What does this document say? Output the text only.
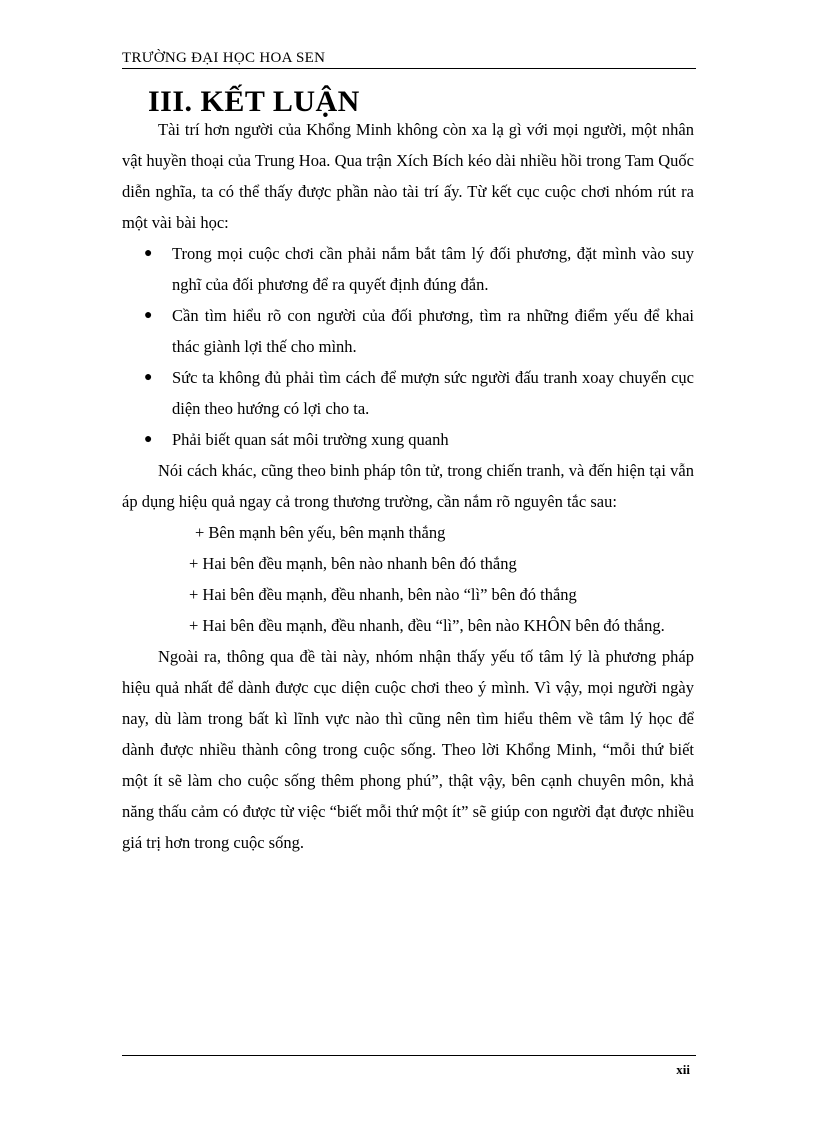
TRƯỜNG ĐẠI HỌC HOA SEN
III. KẾT LUẬN

Tài trí hơn người của Khổng Minh không còn xa lạ gì với mọi người, một nhân vật huyền thoại của Trung Hoa. Qua trận Xích Bích kéo dài nhiều hồi trong Tam Quốc diễn nghĩa, ta có thể thấy được phần nào tài trí ấy. Từ kết cục cuộc chơi nhóm rút ra một vài bài học:

● Trong mọi cuộc chơi cần phải nắm bắt tâm lý đối phương, đặt mình vào suy nghĩ của đối phương để ra quyết định đúng đắn.
● Cần tìm hiểu rõ con người của đối phương, tìm ra những điểm yếu để khai thác giành lợi thế cho mình.
● Sức ta không đủ phải tìm cách để mượn sức người đấu tranh xoay chuyển cục diện theo hướng có lợi cho ta.
● Phải biết quan sát môi trường xung quanh

Nói cách khác, cũng theo binh pháp tôn tử, trong chiến tranh, và đến hiện tại vẫn áp dụng hiệu quả ngay cả trong thương trường, cần nắm rõ nguyên tắc sau:

+ Bên mạnh bên yếu, bên mạnh thắng

+ Hai bên đều mạnh, bên nào nhanh bên đó thắng

+ Hai bên đều mạnh, đều nhanh, bên nào “lì” bên đó thắng

+ Hai bên đều mạnh, đều nhanh, đều “lì”, bên nào KHÔN bên đó thắng.

Ngoài ra, thông qua đề tài này, nhóm nhận thấy yếu tố tâm lý là phương pháp hiệu quả nhất để dành được cục diện cuộc chơi theo ý mình. Vì vậy, mọi người ngày nay, dù làm trong bất kì lĩnh vực nào thì cũng nên tìm hiểu thêm về tâm lý học để dành được nhiều thành công trong cuộc sống. Theo lời Khổng Minh, “mỗi thứ biết một ít sẽ làm cho cuộc sống thêm phong phú”, thật vậy, bên cạnh chuyên môn, khả năng thấu cảm có được từ việc “biết mỗi thứ một ít” sẽ giúp con người đạt được nhiều giá trị hơn trong cuộc sống.

xii
